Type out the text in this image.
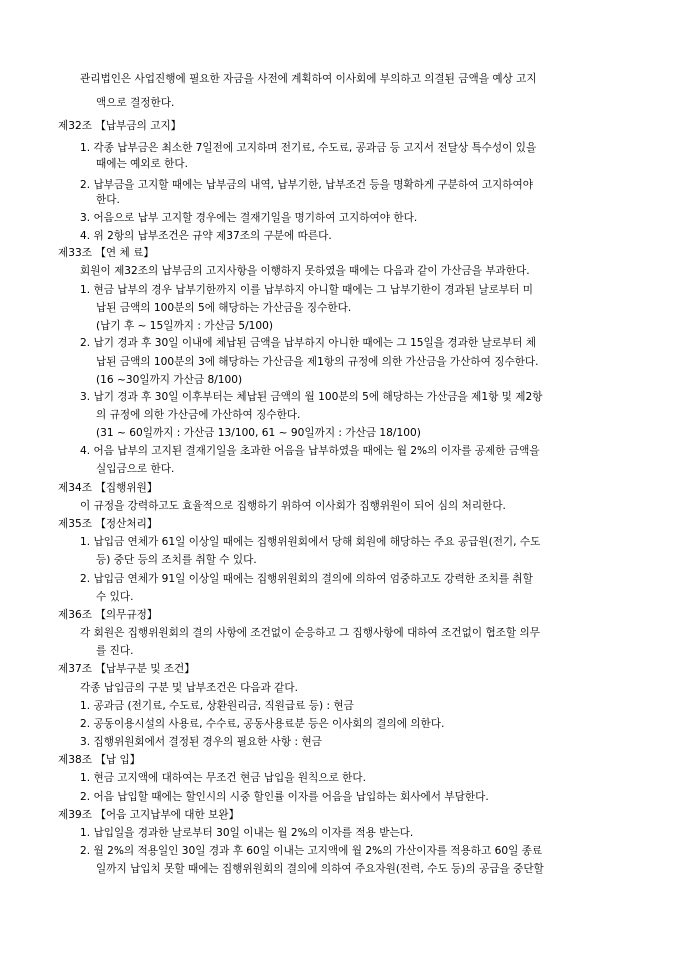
관리법인은 사업진행에 필요한 자금을 사전에 계획하여 이사회에 부의하고 의결된 금액을 예상 고지
액으로 결정한다.
제32조 【납부금의 고지】
1. 각종 납부금은 최소한 7일전에 고지하며 전기료, 수도료, 공과금 등 고지서 전달상 특수성이 있을
때에는 예외로 한다.
2. 납부금을 고지할 때에는 납부금의 내역, 납부기한, 납부조건 등을 명확하게 구분하여 고지하여야
한다.
3. 어음으로 납부 고지할 경우에는 결재기일을 명기하여 고지하여야 한다.
4. 위 2항의 납부조건은 규약 제37조의 구분에 따른다.
제33조 【연 체 료】
회원이 제32조의 납부금의 고지사항을 이행하지 못하였을 때에는 다음과 같이 가산금을 부과한다.
1. 현금 납부의 경우 납부기한까지 이를 납부하지 아니할 때에는 그 납부기한이 경과된 날로부터 미
납된 금액의 100분의 5에 해당하는 가산금을 징수한다.
(납기 후 ~ 15일까지 : 가산금 5/100)
2. 납기 경과 후 30일 이내에 체납된 금액을 납부하지 아니한 때에는 그 15일을 경과한 날로부터 체
납된 금액의 100분의 3에 해당하는 가산금을 제1항의 규정에 의한 가산금을 가산하여 징수한다.
(16 ~30일까지 가산금 8/100)
3. 납기 경과 후 30일 이후부터는 체납된 금액의 월 100분의 5에 해당하는 가산금을 제1항 및 제2항
의 규정에 의한 가산금에 가산하여 징수한다.
(31 ~ 60일까지 : 가산금 13/100, 61 ~ 90일까지 : 가산금 18/100)
4. 어음 납부의 고지된 결재기일을 초과한 어음을 납부하였을 때에는 월 2%의 이자를 공제한 금액을
실입금으로 한다.
제34조 【집행위원】
이 규정을 강력하고도 효율적으로 집행하기 위하여 이사회가 집행위원이 되어 심의 처리한다.
제35조 【정산처리】
1. 납입금 연체가 61일 이상일 때에는 집행위원회에서 당해 회원에 해당하는 주요 공급원(전기, 수도
등) 중단 등의 조치를 취할 수 있다.
2. 납입금 연체가 91일 이상일 때에는 집행위원회의 결의에 의하여 엄중하고도 강력한 조치를 취할
수 있다.
제36조 【의무규정】
각 회원은 집행위원회의 결의 사항에 조건없이 순응하고 그 집행사항에 대하여 조건없이 협조할 의무
를 진다.
제37조 【납부구분 및 조건】
각종 납입금의 구분 및 납부조건은 다음과 같다.
1. 공과금 (전기료, 수도료, 상환원리금, 직원급료 등) : 현금
2. 공동이용시설의 사용료, 수수료, 공동사용료분 등은 이사회의 결의에 의한다.
3. 집행위원회에서 결정된 경우의 필요한 사항 : 현금
제38조 【납 입】
1. 현금 고지액에 대하여는 무조건 현금 납입을 원칙으로 한다.
2. 어음 납입할 때에는 할인시의 시중 할인률 이자를 어음을 납입하는 회사에서 부담한다.
제39조 【어음 고지납부에 대한 보완】
1. 납입일을 경과한 날로부터 30일 이내는 월 2%의 이자를 적용 받는다.
2. 월 2%의 적용일인 30일 경과 후 60일 이내는 고지액에 월 2%의 가산이자를 적용하고 60일 종료
일까지 납입치 못할 때에는 집행위원회의 결의에 의하여 주요자원(전력, 수도 등)의 공급을 중단할
